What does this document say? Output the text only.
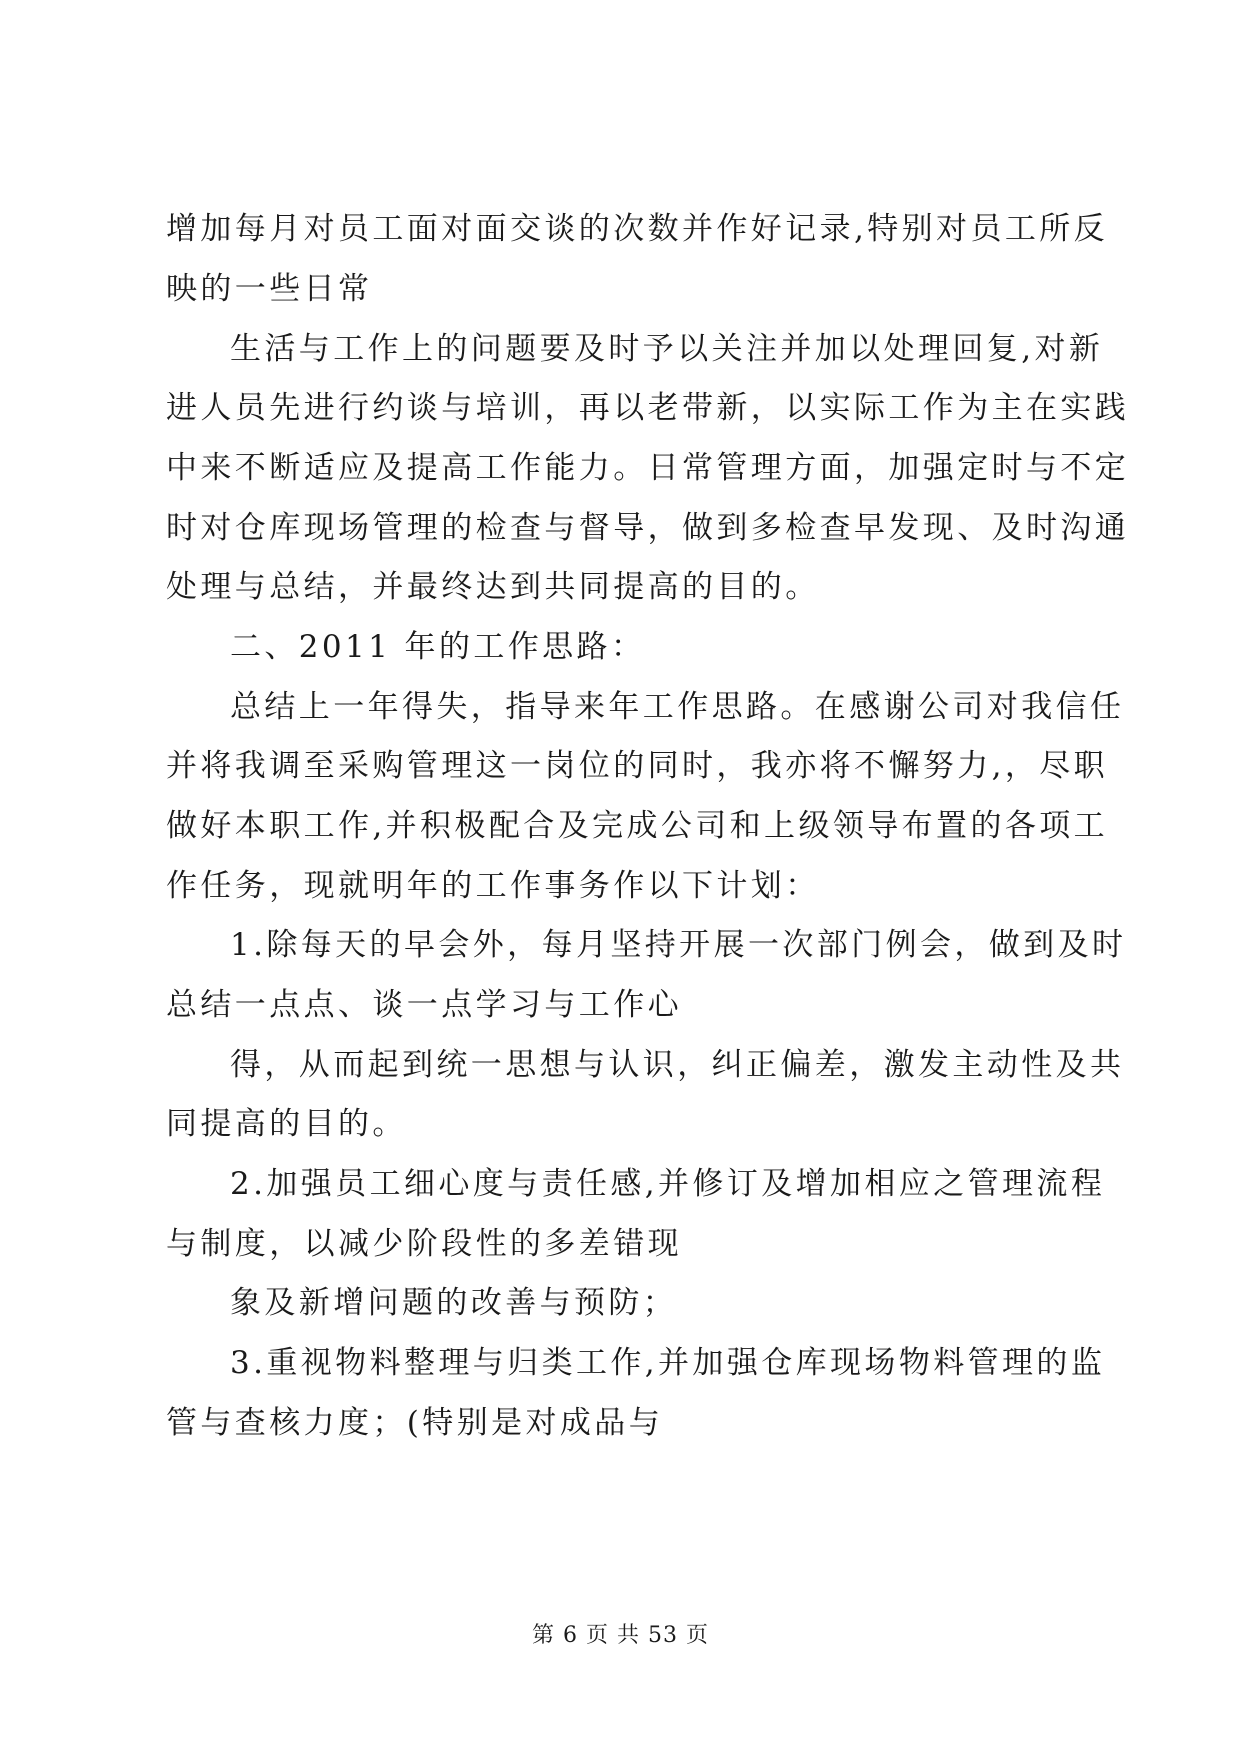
增加每月对员工面对面交谈的次数并作好记录,特别对员工所反
映的一些日常
生活与工作上的问题要及时予以关注并加以处理回复,对新
进人员先进行约谈与培训，再以老带新，以实际工作为主在实践
中来不断适应及提高工作能力。日常管理方面，加强定时与不定
时对仓库现场管理的检查与督导，做到多检查早发现、及时沟通
处理与总结，并最终达到共同提高的目的。
二、2011 年的工作思路：
总结上一年得失，指导来年工作思路。在感谢公司对我信任
并将我调至采购管理这一岗位的同时，我亦将不懈努力,，尽职
做好本职工作,并积极配合及完成公司和上级领导布置的各项工
作任务，现就明年的工作事务作以下计划：
1.除每天的早会外，每月坚持开展一次部门例会，做到及时
总结一点点、谈一点学习与工作心
得，从而起到统一思想与认识，纠正偏差，激发主动性及共
同提高的目的。
2.加强员工细心度与责任感,并修订及增加相应之管理流程
与制度，以减少阶段性的多差错现
象及新增问题的改善与预防；
3.重视物料整理与归类工作,并加强仓库现场物料管理的监
管与查核力度；(特别是对成品与
第 6 页 共 53 页
